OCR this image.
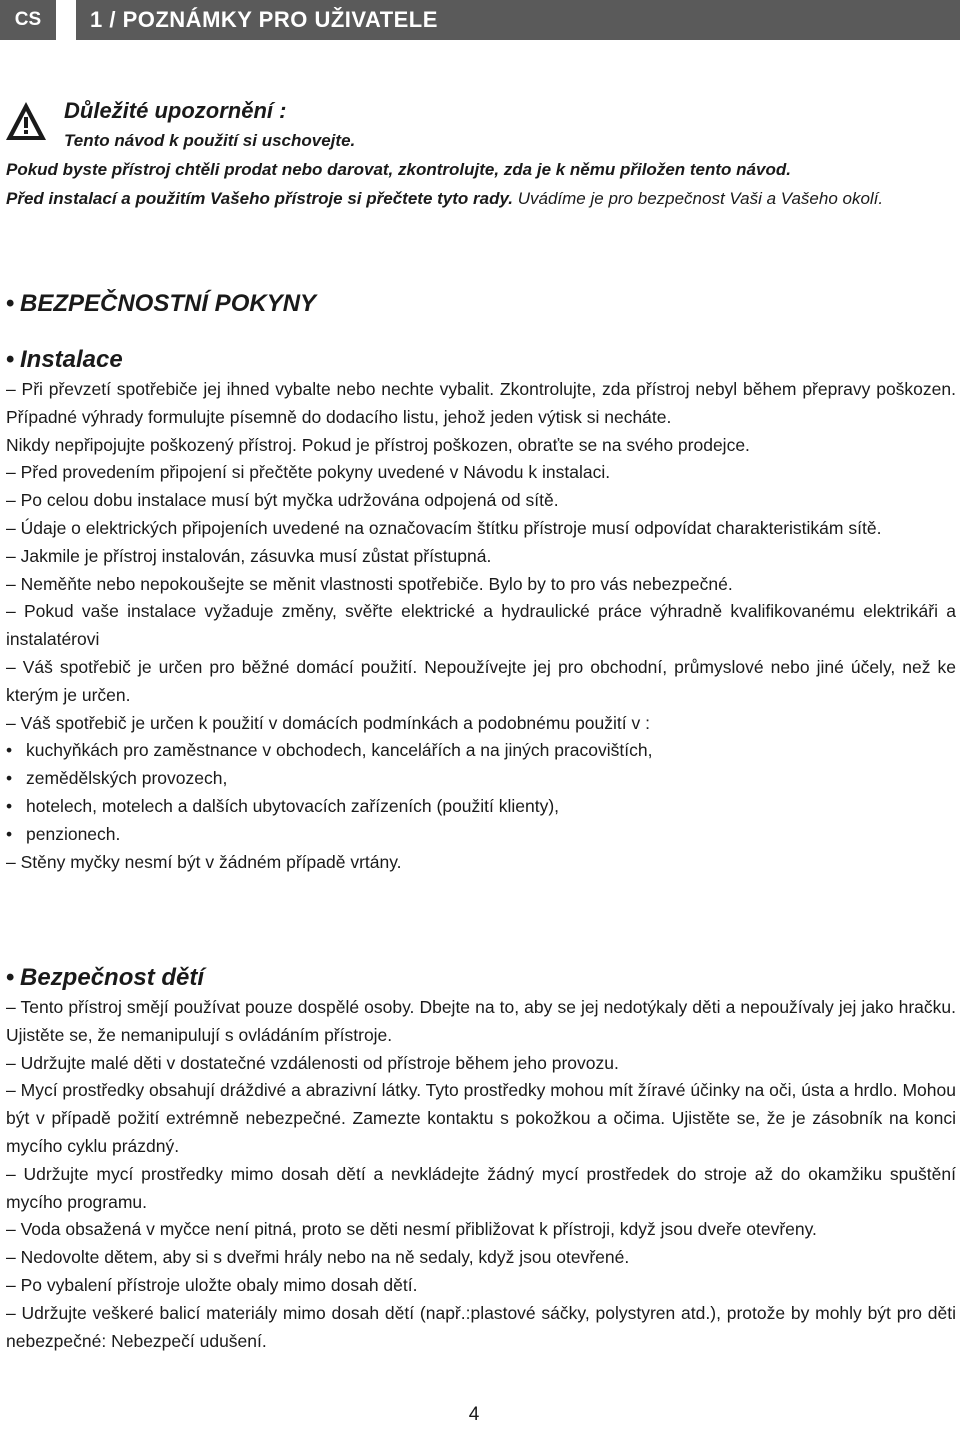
CS	1 / POZNÁMKY PRO UŽIVATELE
Důležité upozornění :
Tento návod k použití si uschovejte.
Pokud byste přístroj chtěli prodat nebo darovat, zkontrolujte, zda je k němu přiložen tento návod.
Před instalací a použitím Vašeho přístroje si přečtete tyto rady. Uvádíme je pro bezpečnost Vaši a Vašeho okolí.
• BEZPEČNOSTNÍ POKYNY
• Instalace

– Při převzetí spotřebiče jej ihned vybalte nebo nechte vybalit. Zkontrolujte, zda přístroj nebyl během přepravy poškozen. Případné výhrady formulujte písemně do dodacího listu, jehož jeden výtisk si necháte.

Nikdy nepřipojujte poškozený přístroj. Pokud je přístroj poškozen, obraťte se na svého prodejce.

– Před provedením připojení si přečtěte pokyny uvedené v Návodu k instalaci.

– Po celou dobu instalace musí být myčka udržována odpojená od sítě.

– Údaje o elektrických připojeních uvedené na označovacím štítku přístroje musí odpovídat charakteristikám sítě.

– Jakmile je přístroj instalován, zásuvka musí zůstat přístupná.

– Neměňte nebo nepokoušejte se měnit vlastnosti spotřebiče. Bylo by to pro vás nebezpečné.

– Pokud vaše instalace vyžaduje změny, svěřte elektrické a hydraulické práce výhradně kvalifikovanému elektrikáři a instalatérovi

– Váš spotřebič je určen pro běžné domácí použití. Nepoužívejte jej pro obchodní, průmyslové nebo jiné účely, než ke kterým je určen.

– Váš spotřebič je určen k použití v domácích podmínkách a podobnému použití v :

• kuchyňkách pro zaměstnance v obchodech, kancelářích a na jiných pracovištích,
• zemědělských provozech,
• hotelech, motelech a dalších ubytovacích zařízeních (použití klienty),
• penzionech.

– Stěny myčky nesmí být v žádném případě vrtány.

• Bezpečnost dětí

– Tento přístroj smějí používat pouze dospělé osoby. Dbejte na to, aby se jej nedotýkaly děti a nepoužívaly jej jako hračku. Ujistěte se, že nemanipulují s ovládáním přístroje.

– Udržujte malé děti v dostatečné vzdálenosti od přístroje během jeho provozu.

– Mycí prostředky obsahují dráždivé a abrazivní látky. Tyto prostředky mohou mít žíravé účinky na oči, ústa a hrdlo. Mohou být v případě požití extrémně nebezpečné. Zamezte kontaktu s pokožkou a očima. Ujistěte se, že je zásobník na konci mycího cyklu prázdný.

– Udržujte mycí prostředky mimo dosah dětí a nevkládejte žádný mycí prostředek do stroje až do okamžiku spuštění mycího programu.

– Voda obsažená v myčce není pitná, proto se děti nesmí přibližovat k přístroji, když jsou dveře otevřeny.

– Nedovolte dětem, aby si s dveřmi hrály nebo na ně sedaly, když jsou otevřené.

– Po vybalení přístroje uložte obaly mimo dosah dětí.

– Udržujte veškeré balicí materiály mimo dosah dětí (např.:plastové sáčky, polystyren atd.), protože by mohly být pro děti nebezpečné: Nebezpečí udušení.

4
